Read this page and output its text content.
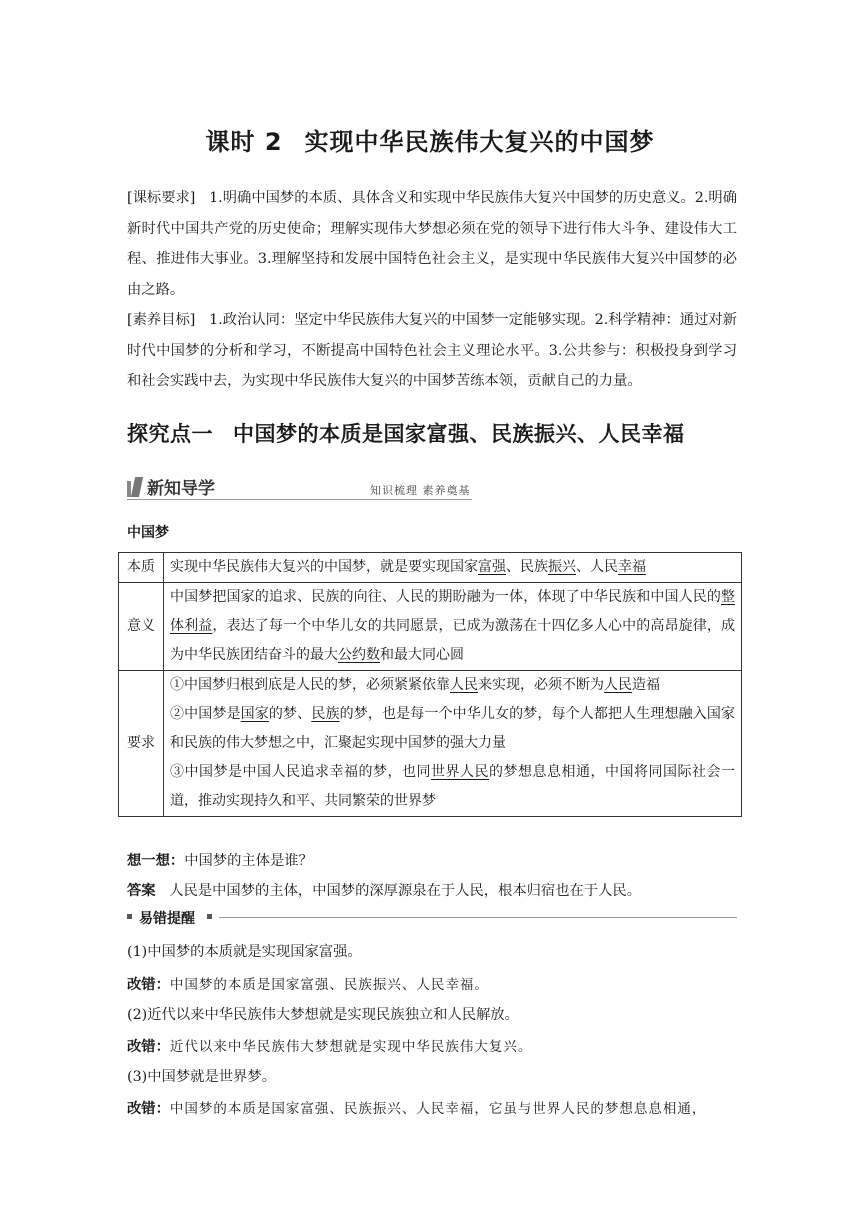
课时 2 实现中华民族伟大复兴的中国梦

[课标要求] 1.明确中国梦的本质、具体含义和实现中华民族伟大复兴中国梦的历史意义。2.明确新时代中国共产党的历史使命；理解实现伟大梦想必须在党的领导下进行伟大斗争、建设伟大工程、推进伟大事业。3.理解坚持和发展中国特色社会主义，是实现中华民族伟大复兴中国梦的必由之路。

[素养目标] 1.政治认同：坚定中华民族伟大复兴的中国梦一定能够实现。2.科学精神：通过对新时代中国梦的分析和学习，不断提高中国特色社会主义理论水平。3.公共参与：积极投身到学习和社会实践中去，为实现中华民族伟大复兴的中国梦苦练本领，贡献自己的力量。

探究点一 中国梦的本质是国家富强、民族振兴、人民幸福
新知导学	知识梳理 素养奠基
中国梦
本质	实现中华民族伟大复兴的中国梦，就是要实现国家富强、民族振兴、人民幸福
意义	中国梦把国家的追求、民族的向往、人民的期盼融为一体，体现了中华民族和中国人民的整体利益，表达了每一个中华儿女的共同愿景，已成为激荡在十四亿多人心中的高昂旋律，成为中华民族团结奋斗的最大公约数和最大同心圆
要求	①中国梦归根到底是人民的梦，必须紧紧依靠人民来实现，必须不断为人民造福
②中国梦是国家的梦、民族的梦，也是每一个中华儿女的梦，每个人都把人生理想融入国家和民族的伟大梦想之中，汇聚起实现中国梦的强大力量
③中国梦是中国人民追求幸福的梦，也同世界人民的梦想息息相通，中国将同国际社会一道，推动实现持久和平、共同繁荣的世界梦
想一想：中国梦的主体是谁？
答案 人民是中国梦的主体，中国梦的深厚源泉在于人民，根本归宿也在于人民。
易错提醒
(1)中国梦的本质就是实现国家富强。
改错：中国梦的本质是国家富强、民族振兴、人民幸福。
(2)近代以来中华民族伟大梦想就是实现民族独立和人民解放。
改错：近代以来中华民族伟大梦想就是实现中华民族伟大复兴。
(3)中国梦就是世界梦。
改错：中国梦的本质是国家富强、民族振兴、人民幸福，它虽与世界人民的梦想息息相通，
